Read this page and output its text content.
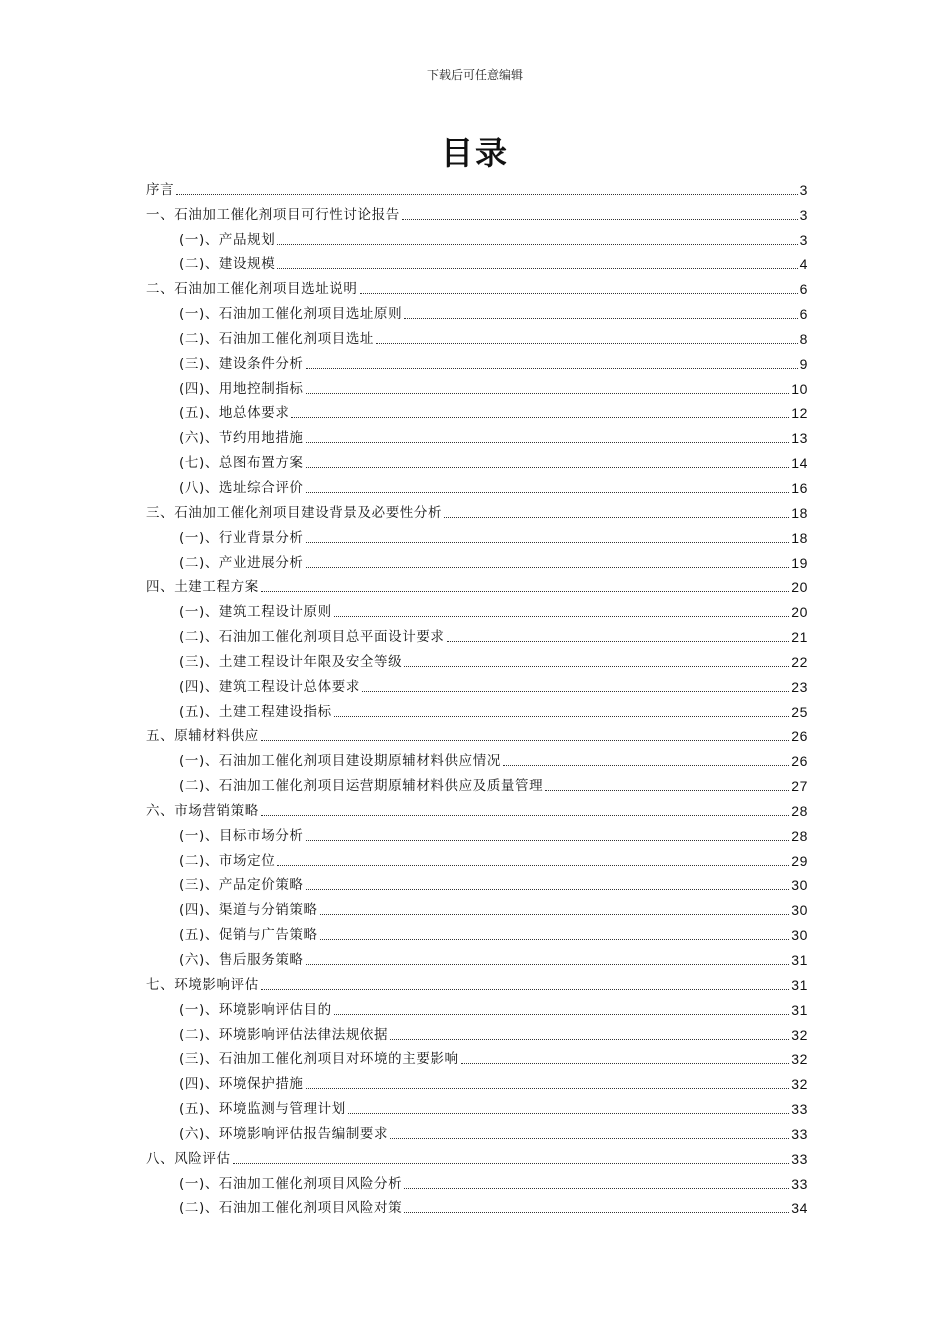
下载后可任意编辑
目录
序言	3
一、石油加工催化剂项目可行性讨论报告	3
(一)、产品规划	3
(二)、建设规模	4
二、石油加工催化剂项目选址说明	6
(一)、石油加工催化剂项目选址原则	6
(二)、石油加工催化剂项目选址	8
(三)、建设条件分析	9
(四)、用地控制指标	10
(五)、地总体要求	12
(六)、节约用地措施	13
(七)、总图布置方案	14
(八)、选址综合评价	16
三、石油加工催化剂项目建设背景及必要性分析	18
(一)、行业背景分析	18
(二)、产业进展分析	19
四、土建工程方案	20
(一)、建筑工程设计原则	20
(二)、石油加工催化剂项目总平面设计要求	21
(三)、土建工程设计年限及安全等级	22
(四)、建筑工程设计总体要求	23
(五)、土建工程建设指标	25
五、原辅材料供应	26
(一)、石油加工催化剂项目建设期原辅材料供应情况	26
(二)、石油加工催化剂项目运营期原辅材料供应及质量管理	27
六、市场营销策略	28
(一)、目标市场分析	28
(二)、市场定位	29
(三)、产品定价策略	30
(四)、渠道与分销策略	30
(五)、促销与广告策略	30
(六)、售后服务策略	31
七、环境影响评估	31
(一)、环境影响评估目的	31
(二)、环境影响评估法律法规依据	32
(三)、石油加工催化剂项目对环境的主要影响	32
(四)、环境保护措施	32
(五)、环境监测与管理计划	33
(六)、环境影响评估报告编制要求	33
八、风险评估	33
(一)、石油加工催化剂项目风险分析	33
(二)、石油加工催化剂项目风险对策	34
